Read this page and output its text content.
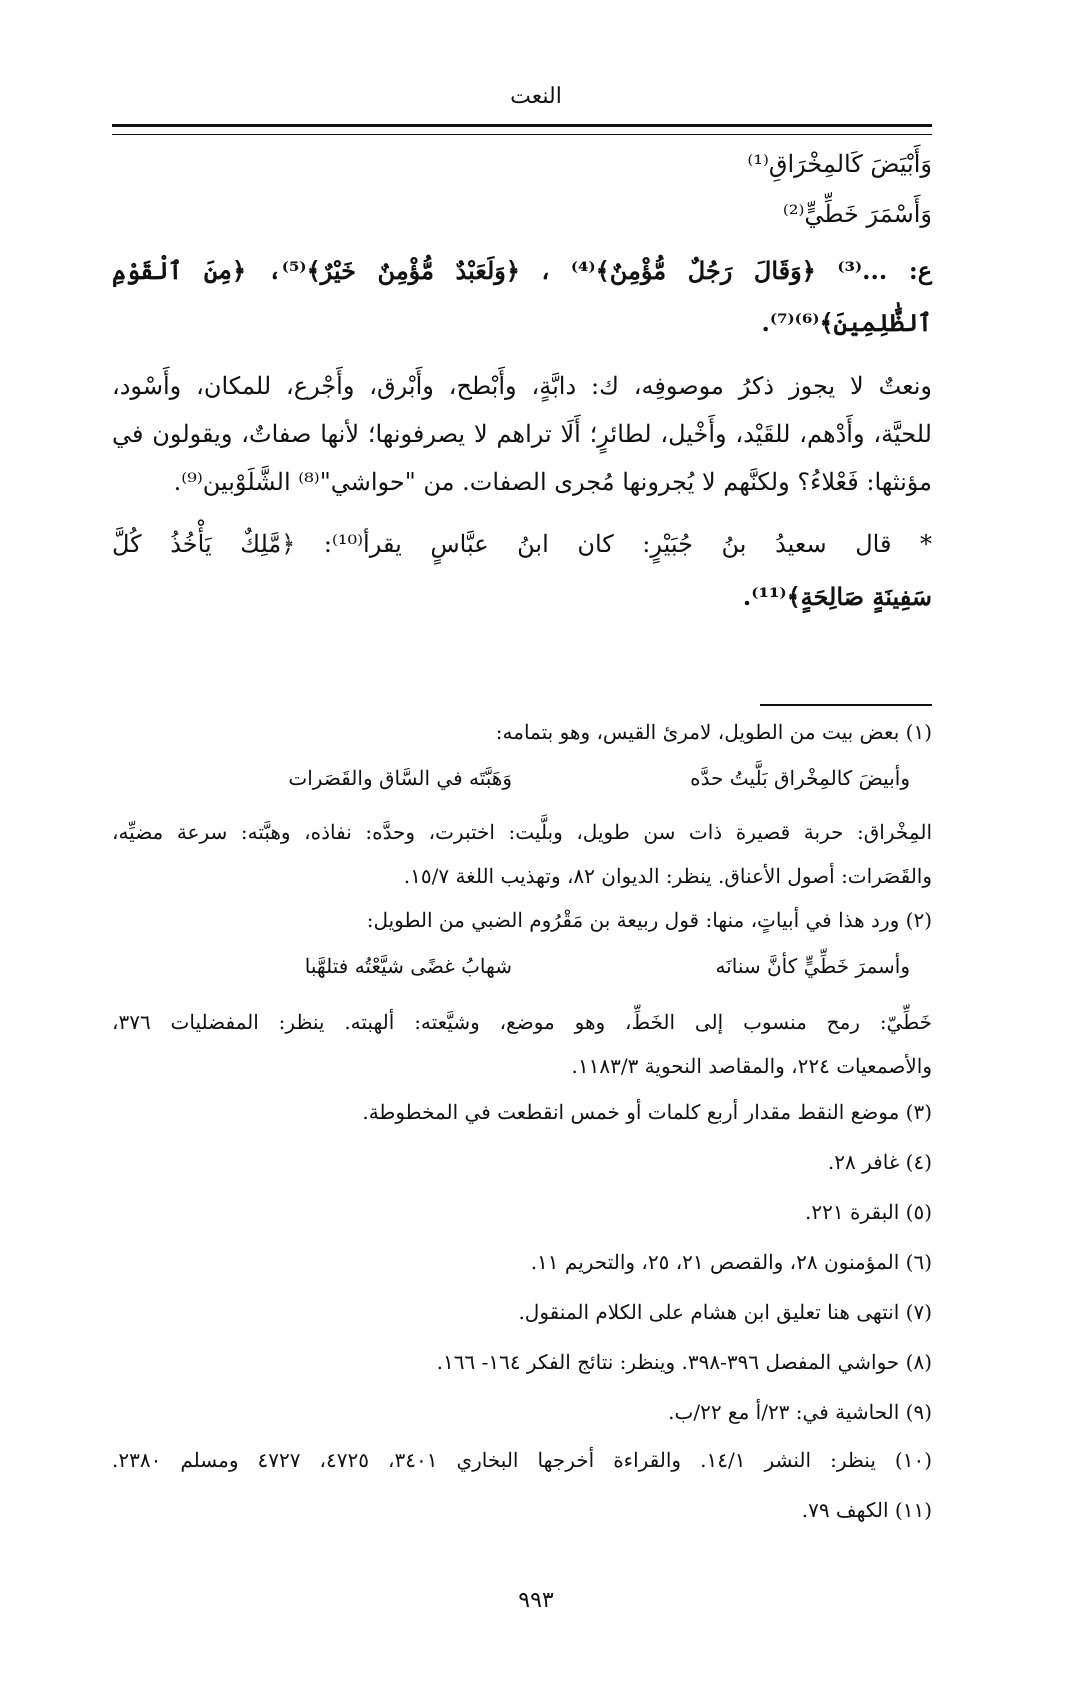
النعت
وَأَبْيَضَ كَالمِخْرَاقِ⁽¹⁾
وَأَسْمَرَ خَطِّيٍّ⁽²⁾
ع: ...⁽³⁾ ﴿وَقَالَ رَجُلٌ مُّؤْمِنٌ﴾⁽⁴⁾ ، ﴿وَلَعَبْدٌ مُّؤْمِنٌ خَيْرٌ﴾⁽⁵⁾، ﴿مِنَ ٱلْقَوْمِ
ٱلظَّٰلِمِينَ﴾⁽⁶⁾⁽⁷⁾.
ونعتٌ لا يجوز ذكرُ موصوفِه، ك: دابَّةٍ، وأَبْطح، وأَبْرق، وأَجْرع، للمكان، وأَسْود،
للحيَّة، وأَدْهم، للقَيْد، وأَخْيل، لطائرٍ؛ أَلَا تراهم لا يصرفونها؛ لأنها صفاتٌ، ويقولون في
مؤنثها: فَعْلاءُ؟ ولكنَّهم لا يُجرونها مُجرى الصفات. من "حواشي"⁽⁸⁾ الشَّلَوْبين⁽⁹⁾.
* قال سعيدُ بنُ جُبَيْرٍ: كان ابنُ عبَّاسٍ يقرأ⁽¹⁰⁾: ﴿مَّلِكٌ يَأْخُذُ كُلَّ
سَفِينَةٍ صَالِحَةٍ﴾⁽¹¹⁾.
(١) بعض بيت من الطويل، لامرئ القيس، وهو بتمامه:
وأبيضَ كالمِخْراق بَلَّيتُ حدَّه
وَهَبَّتَه في السَّاق والقَصَرات
المِخْراق: حربة قصيرة ذات سن طويل، وبلَّيت: اختبرت، وحدَّه: نفاذه، وهبَّته: سرعة مضيِّه،
والقَصَرات: أصول الأعناق. ينظر: الديوان ٨٢، وتهذيب اللغة ١٥/٧.
(٢) ورد هذا في أبياتٍ، منها: قول ربيعة بن مَقْرُوم الضبي من الطويل:
وأسمرَ خَطِّيٍّ كأنَّ سنانَه
شهابُ غضًى شيَّعْتُه فتلهَّبا
خَطِّيّ: رمح منسوب إلى الخَطِّ، وهو موضع، وشيَّعته: ألهبته. ينظر: المفضليات ٣٧٦،
والأصمعيات ٢٢٤، والمقاصد النحوية ١١٨٣/٣.
(٣) موضع النقط مقدار أربع كلمات أو خمس انقطعت في المخطوطة.
(٤) غافر ٢٨.
(٥) البقرة ٢٢١.
(٦) المؤمنون ٢٨، والقصص ٢١، ٢٥، والتحريم ١١.
(٧) انتهى هنا تعليق ابن هشام على الكلام المنقول.
(٨) حواشي المفصل ٣٩٦-٣٩٨. وينظر: نتائج الفكر ١٦٤- ١٦٦.
(٩) الحاشية في: ٢٣/أ مع ٢٢/ب.
(١٠) ينظر: النشر ١٤/١. والقراءة أخرجها البخاري ٣٤٠١، ٤٧٢٥، ٤٧٢٧ ومسلم ٢٣٨٠.
(١١) الكهف ٧٩.
٩٩٣
